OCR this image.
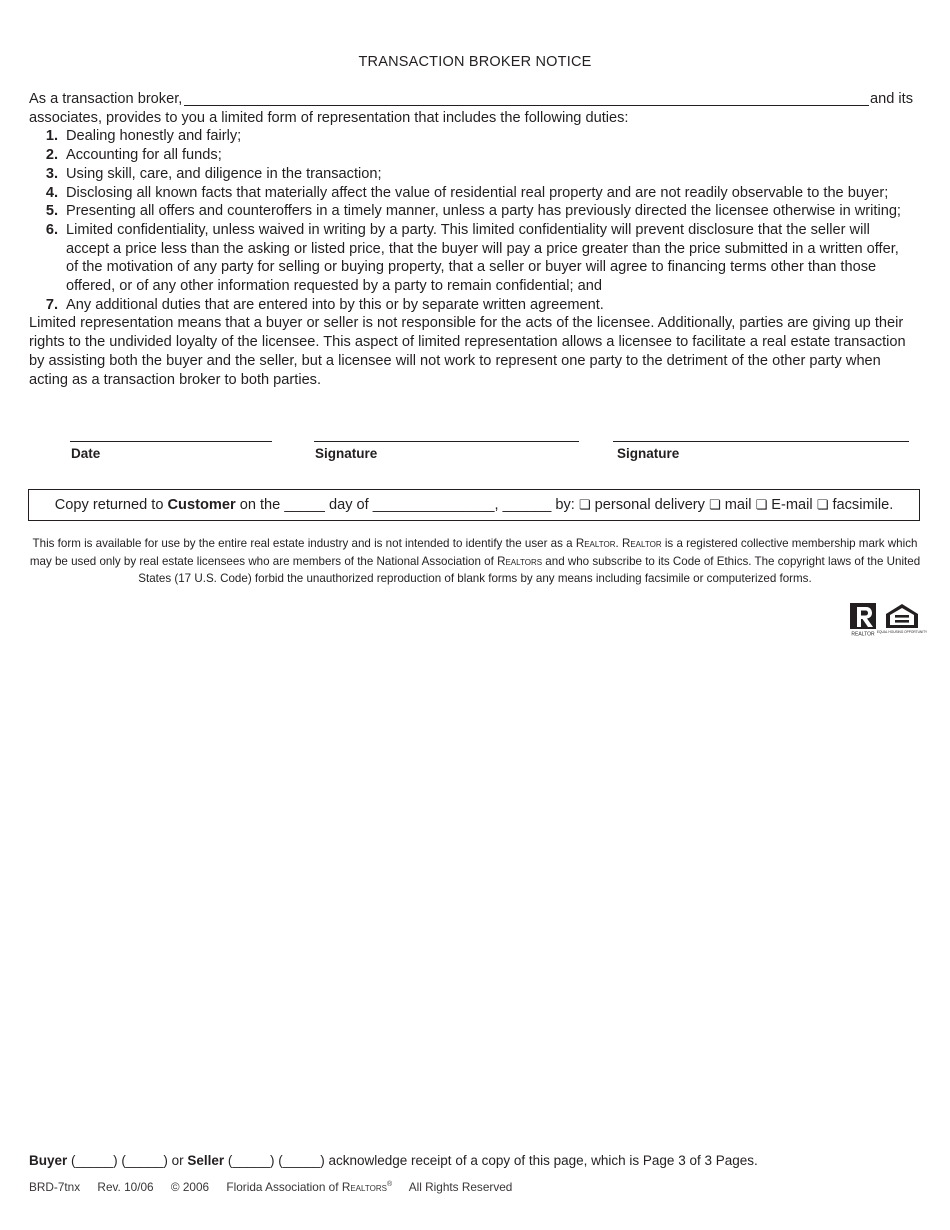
TRANSACTION BROKER NOTICE
As a transaction broker,	and its
associates, provides to you a limited form of representation that includes the following duties:
1. Dealing honestly and fairly;
2. Accounting for all funds;
3. Using skill, care, and diligence in the transaction;
4. Disclosing all known facts that materially affect the value of residential real property and are not readily observable to the buyer;
5. Presenting all offers and counteroffers in a timely manner, unless a party has previously directed the licensee otherwise in writing;
6. Limited confidentiality, unless waived in writing by a party. This limited confidentiality will prevent disclosure that the seller will accept a price less than the asking or listed price, that the buyer will pay a price greater than the price submitted in a written offer, of the motivation of any party for selling or buying property, that a seller or buyer will agree to financing terms other than those offered, or of any other information requested by a party to remain confidential; and
7. Any additional duties that are entered into by this or by separate written agreement.

Limited representation means that a buyer or seller is not responsible for the acts of the licensee. Additionally, parties are giving up their rights to the undivided loyalty of the licensee. This aspect of limited representation allows a licensee to facilitate a real estate transaction by assisting both the buyer and the seller, but a licensee will not work to represent one party to the detriment of the other party when acting as a transaction broker to both parties.

Date	Signature	Signature
Copy returned to Customer on the _____ day of _______________, ______ by: ❏ personal delivery ❏ mail ❏ E-mail ❏ facsimile.
This form is available for use by the entire real estate industry and is not intended to identify the user as a Realtor. Realtor is a registered collective membership mark which may be used only by real estate licensees who are members of the National Association of Realtors and who subscribe to its Code of Ethics. The copyright laws of the United States (17 U.S. Code) forbid the unauthorized reproduction of blank forms by any means including facsimile or computerized forms.
REALTOR EQUAL HOUSING OPPORTUNITY
Buyer (_____) (_____) or Seller (_____) (_____) acknowledge receipt of a copy of this page, which is Page 3 of 3 Pages.
BRD-7tnx Rev. 10/06 © 2006 Florida Association of Realtors® All Rights Reserved
